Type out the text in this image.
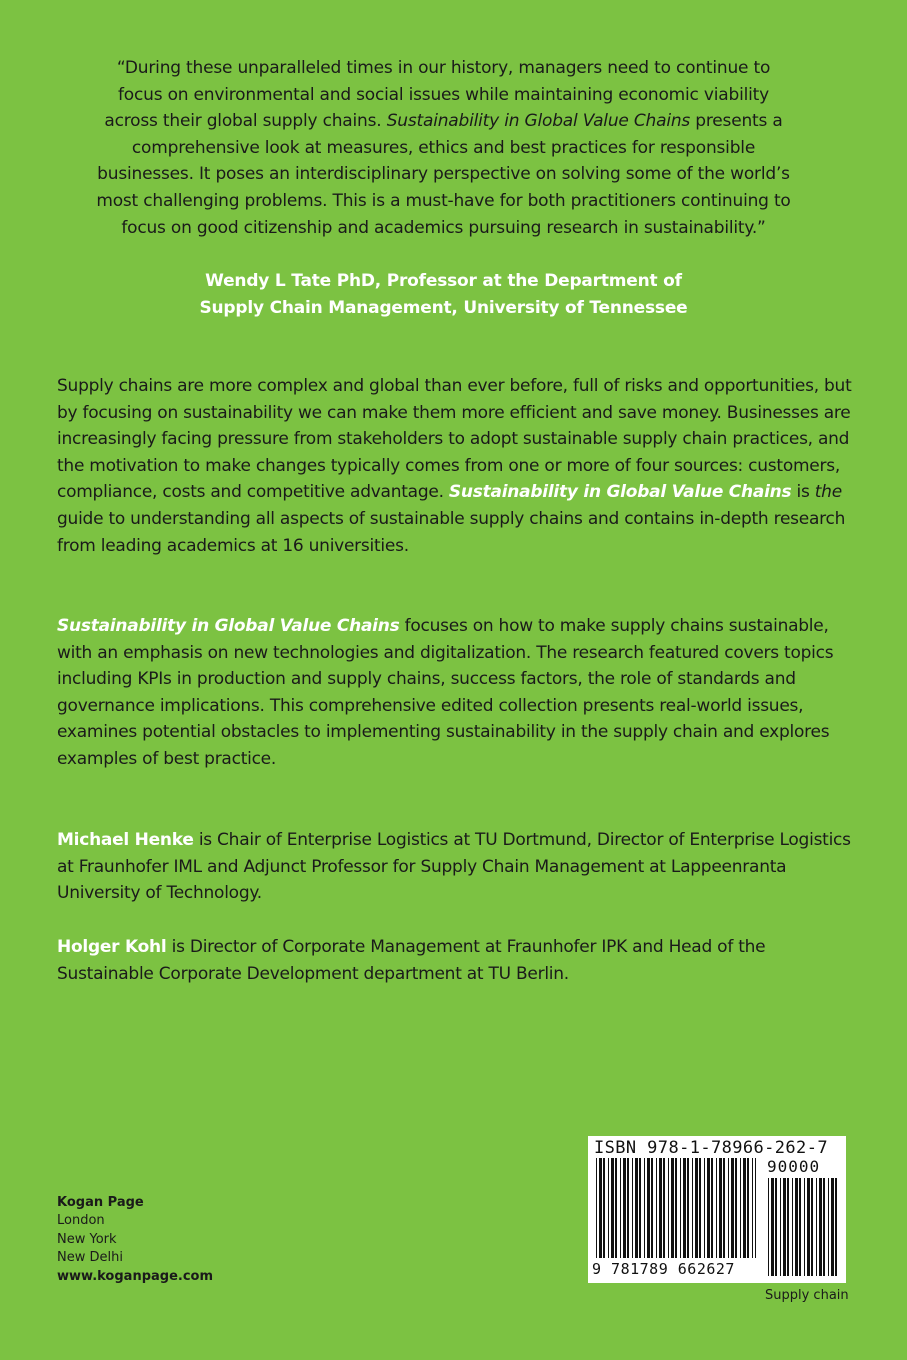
“During these unparalleled times in our history, managers need to continue to focus on environmental and social issues while maintaining economic viability across their global supply chains. Sustainability in Global Value Chains presents a comprehensive look at measures, ethics and best practices for responsible businesses. It poses an interdisciplinary perspective on solving some of the world’s most challenging problems. This is a must-have for both practitioners continuing to focus on good citizenship and academics pursuing research in sustainability.”
Wendy L Tate PhD, Professor at the Department of
Supply Chain Management, University of Tennessee
Supply chains are more complex and global than ever before, full of risks and opportunities, but by focusing on sustainability we can make them more efficient and save money. Businesses are increasingly facing pressure from stakeholders to adopt sustainable supply chain practices, and the motivation to make changes typically comes from one or more of four sources: customers, compliance, costs and competitive advantage. Sustainability in Global Value Chains is the guide to understanding all aspects of sustainable supply chains and contains in-depth research from leading academics at 16 universities.
Sustainability in Global Value Chains focuses on how to make supply chains sustainable, with an emphasis on new technologies and digitalization. The research featured covers topics including KPIs in production and supply chains, success factors, the role of standards and governance implications. This comprehensive edited collection presents real-world issues, examines potential obstacles to implementing sustainability in the supply chain and explores examples of best practice.
Michael Henke is Chair of Enterprise Logistics at TU Dortmund, Director of Enterprise Logistics at Fraunhofer IML and Adjunct Professor for Supply Chain Management at Lappeenranta University of Technology.
Holger Kohl is Director of Corporate Management at Fraunhofer IPK and Head of the Sustainable Corporate Development department at TU Berlin.
Kogan Page
London
New York
New Delhi
www.koganpage.com
ISBN 978-1-78966-262-7
90000
9 781789 662627
Supply chain
